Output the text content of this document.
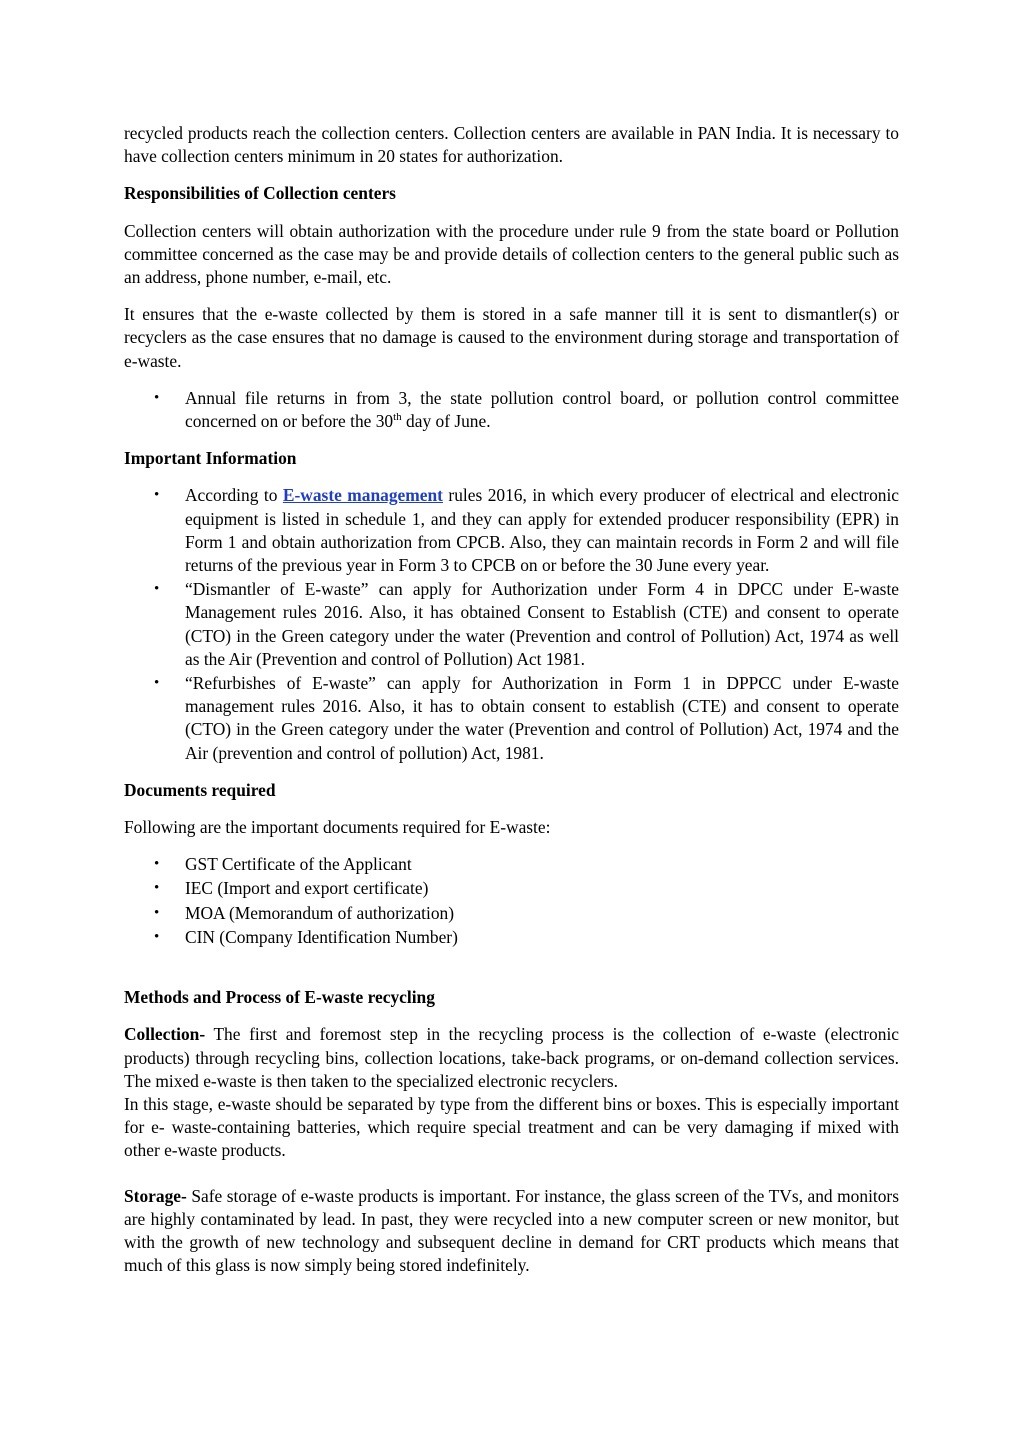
recycled products reach the collection centers. Collection centers are available in PAN India. It is necessary to have collection centers minimum in 20 states for authorization.

Responsibilities of Collection centers

Collection centers will obtain authorization with the procedure under rule 9 from the state board or Pollution committee concerned as the case may be and provide details of collection centers to the general public such as an address, phone number, e-mail, etc.

It ensures that the e-waste collected by them is stored in a safe manner till it is sent to dismantler(s) or recyclers as the case ensures that no damage is caused to the environment during storage and transportation of e-waste.

• Annual file returns in from 3, the state pollution control board, or pollution control committee concerned on or before the 30th day of June.

Important Information

• According to E-waste management rules 2016, in which every producer of electrical and electronic equipment is listed in schedule 1, and they can apply for extended producer responsibility (EPR) in Form 1 and obtain authorization from CPCB. Also, they can maintain records in Form 2 and will file returns of the previous year in Form 3 to CPCB on or before the 30 June every year.
• “Dismantler of E-waste” can apply for Authorization under Form 4 in DPCC under E-waste Management rules 2016. Also, it has obtained Consent to Establish (CTE) and consent to operate (CTO) in the Green category under the water (Prevention and control of Pollution) Act, 1974 as well as the Air (Prevention and control of Pollution) Act 1981.
• “Refurbishes of E-waste” can apply for Authorization in Form 1 in DPPCC under E-waste management rules 2016. Also, it has to obtain consent to establish (CTE) and consent to operate (CTO) in the Green category under the water (Prevention and control of Pollution) Act, 1974 and the Air (prevention and control of pollution) Act, 1981.

Documents required

Following are the important documents required for E-waste:

• GST Certificate of the Applicant
• IEC (Import and export certificate)
• MOA (Memorandum of authorization)
• CIN (Company Identification Number)

Methods and Process of E-waste recycling

Collection- The first and foremost step in the recycling process is the collection of e-waste (electronic products) through recycling bins, collection locations, take-back programs, or on-demand collection services. The mixed e-waste is then taken to the specialized electronic recyclers.

In this stage, e-waste should be separated by type from the different bins or boxes. This is especially important for e- waste-containing batteries, which require special treatment and can be very damaging if mixed with other e-waste products.

Storage- Safe storage of e-waste products is important. For instance, the glass screen of the TVs, and monitors are highly contaminated by lead. In past, they were recycled into a new computer screen or new monitor, but with the growth of new technology and subsequent decline in demand for CRT products which means that much of this glass is now simply being stored indefinitely.
